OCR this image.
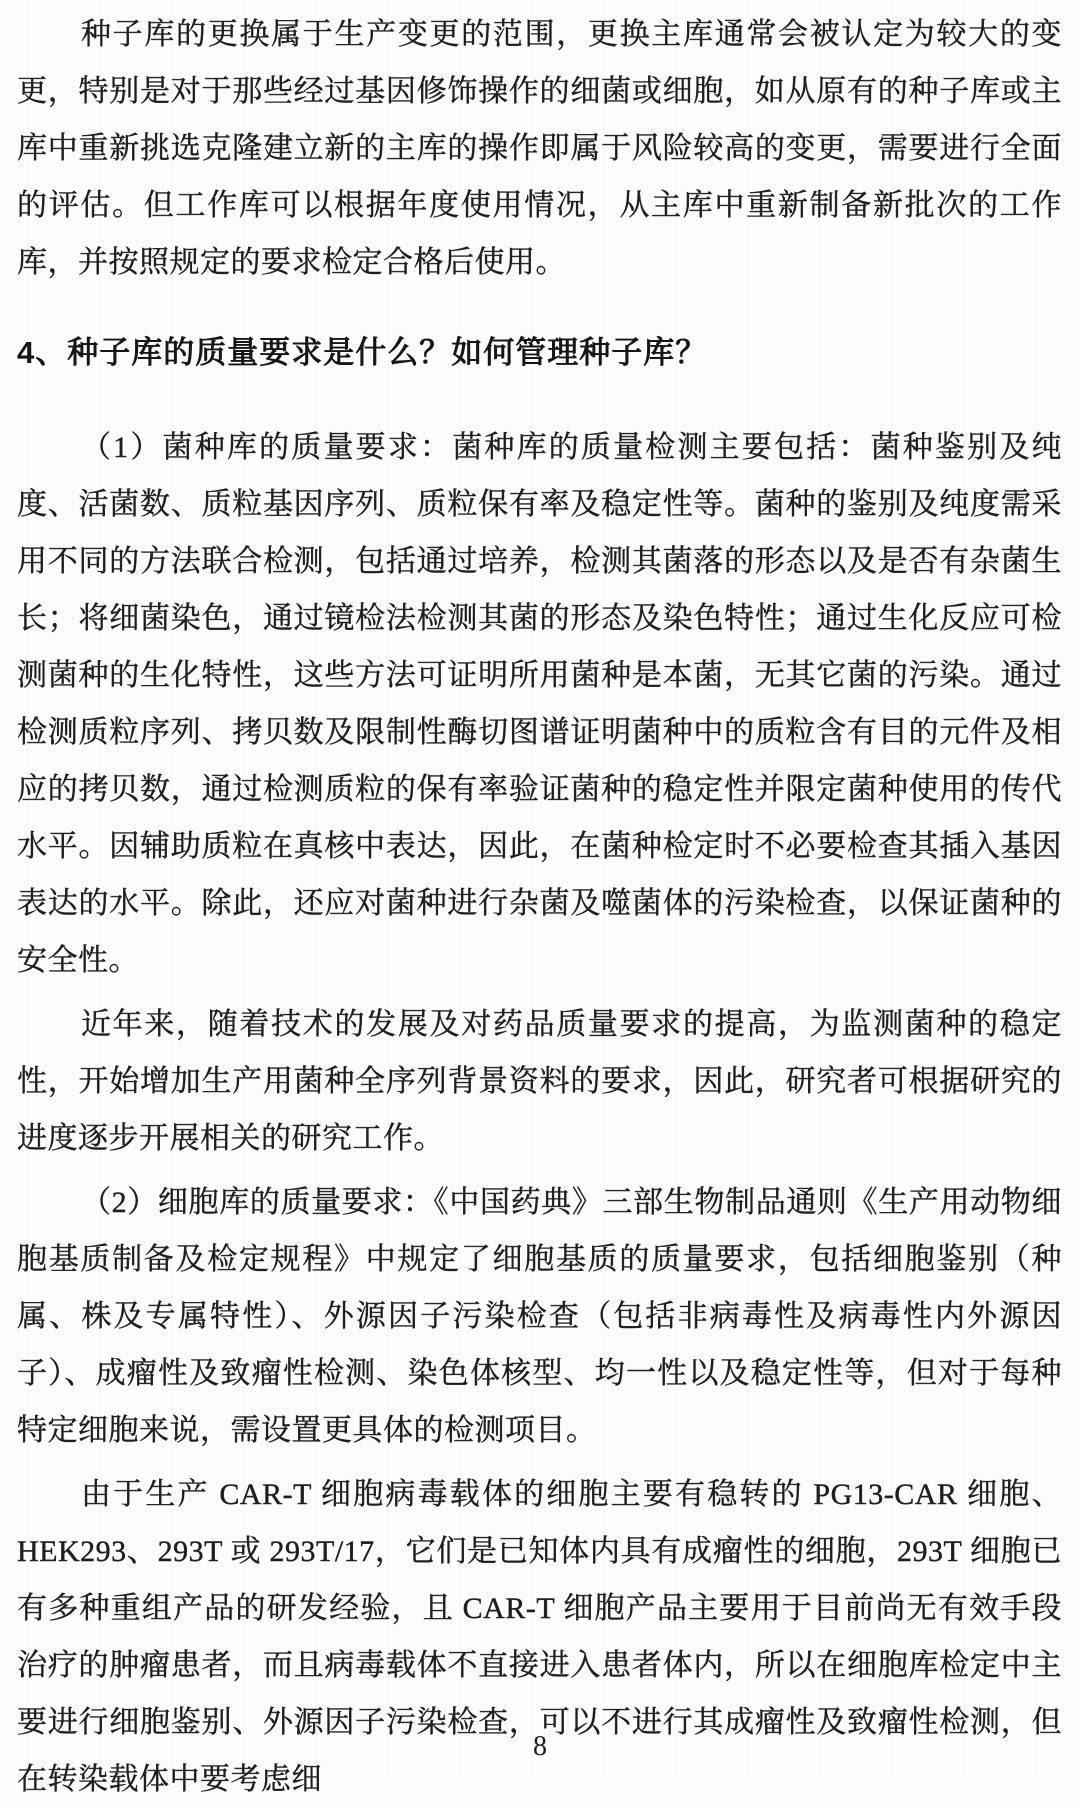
种子库的更换属于生产变更的范围，更换主库通常会被认定为较大的变更，特别是对于那些经过基因修饰操作的细菌或细胞，如从原有的种子库或主库中重新挑选克隆建立新的主库的操作即属于风险较高的变更，需要进行全面的评估。但工作库可以根据年度使用情况，从主库中重新制备新批次的工作库，并按照规定的要求检定合格后使用。

4、种子库的质量要求是什么？如何管理种子库？

（1）菌种库的质量要求：菌种库的质量检测主要包括：菌种鉴别及纯度、活菌数、质粒基因序列、质粒保有率及稳定性等。菌种的鉴别及纯度需采用不同的方法联合检测，包括通过培养，检测其菌落的形态以及是否有杂菌生长；将细菌染色，通过镜检法检测其菌的形态及染色特性；通过生化反应可检测菌种的生化特性，这些方法可证明所用菌种是本菌，无其它菌的污染。通过检测质粒序列、拷贝数及限制性酶切图谱证明菌种中的质粒含有目的元件及相应的拷贝数，通过检测质粒的保有率验证菌种的稳定性并限定菌种使用的传代水平。因辅助质粒在真核中表达，因此，在菌种检定时不必要检查其插入基因表达的水平。除此，还应对菌种进行杂菌及噬菌体的污染检查，以保证菌种的安全性。

近年来，随着技术的发展及对药品质量要求的提高，为监测菌种的稳定性，开始增加生产用菌种全序列背景资料的要求，因此，研究者可根据研究的进度逐步开展相关的研究工作。

（2）细胞库的质量要求：《中国药典》三部生物制品通则《生产用动物细胞基质制备及检定规程》中规定了细胞基质的质量要求，包括细胞鉴别（种属、株及专属特性）、外源因子污染检查（包括非病毒性及病毒性内外源因子）、成瘤性及致瘤性检测、染色体核型、均一性以及稳定性等，但对于每种特定细胞来说，需设置更具体的检测项目。

由于生产 CAR-T 细胞病毒载体的细胞主要有稳转的 PG13-CAR 细胞、HEK293、293T 或 293T/17，它们是已知体内具有成瘤性的细胞，293T 细胞已有多种重组产品的研发经验，且 CAR-T 细胞产品主要用于目前尚无有效手段治疗的肿瘤患者，而且病毒载体不直接进入患者体内，所以在细胞库检定中主要进行细胞鉴别、外源因子污染检查，可以不进行其成瘤性及致瘤性检测，但在转染载体中要考虑细

8
